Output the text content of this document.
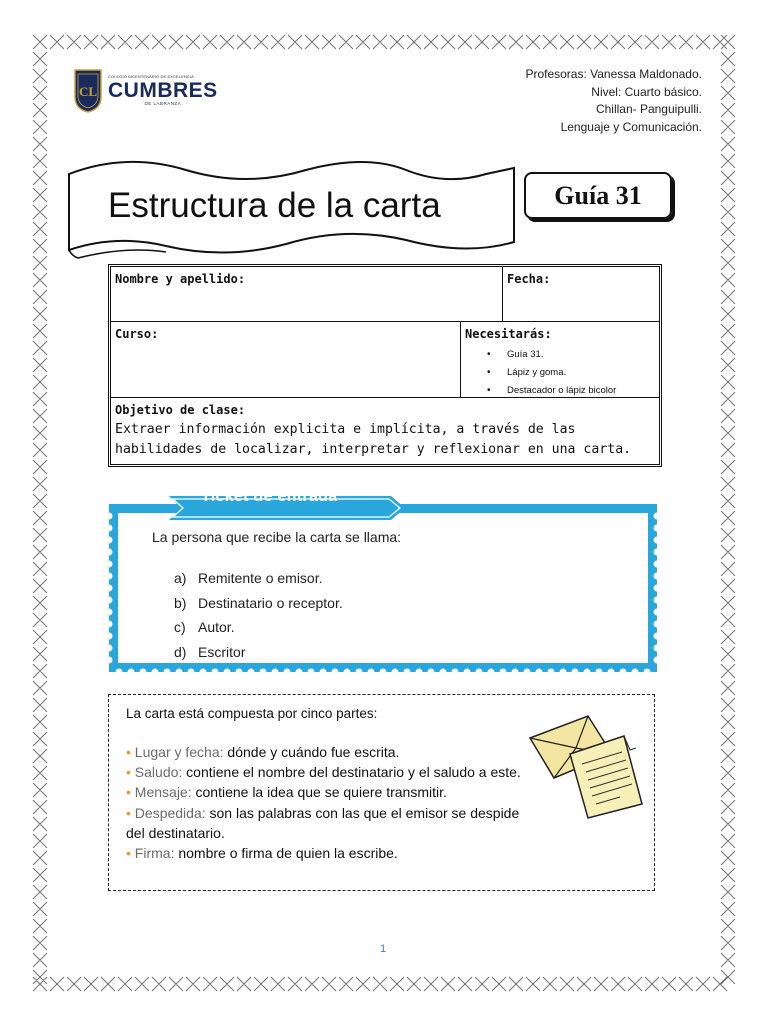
CL
COLEGIO BICENTENARIO DE EXCELENCIA
CUMBRES
DE LABRANZA
Profesoras: Vanessa Maldonado.
Nivel: Cuarto básico.
Chillan- Panguipulli.
Lenguaje y Comunicación.
Estructura de la carta	Guía 31
Nombre y apellido:	Fecha:
Curso:	Necesitarás:
• Guía 31.
• Lápiz y goma.
• Destacador o lápiz bicolor
Objetivo de clase:
Extraer información explicita e implícita, a través de las habilidades de localizar, interpretar y reflexionar en una carta.
Ticket de entrada
La persona que recibe la carta se llama:
a) Remitente o emisor.
b) Destinatario o receptor.
c) Autor.
d) Escritor
La carta está compuesta por cinco partes:
• Lugar y fecha: dónde y cuándo fue escrita.
• Saludo: contiene el nombre del destinatario y el saludo a este.
• Mensaje: contiene la idea que se quiere transmitir.
• Despedida: son las palabras con las que el emisor se despide del destinatario.
• Firma: nombre o firma de quien la escribe.
1
